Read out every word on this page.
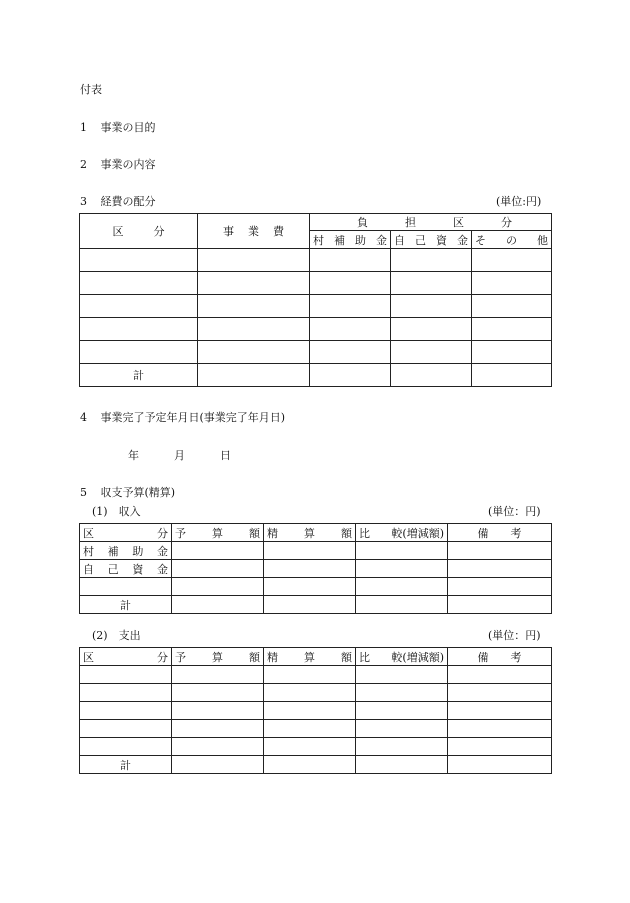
付表
1 事業の目的
2 事業の内容
3 経費の配分	(単位:円)
区 分	事 業 費	負 担 区 分		

		村 補 助 金	自 己 資 金	そ の 他

計				
4 事業完了予定年月日(事業完了年月日)
年	月	日
5 収支予算(精算)
(1)　収入	(単位：円)
区 分	予 算 額	精 算 額	比 較(増減額)	備 考

村 補 助 金				

自 己 資 金				

計				
(2)　支出	(単位：円)
区 分	予 算 額	精 算 額	比 較(増減額)	備 考

計				
